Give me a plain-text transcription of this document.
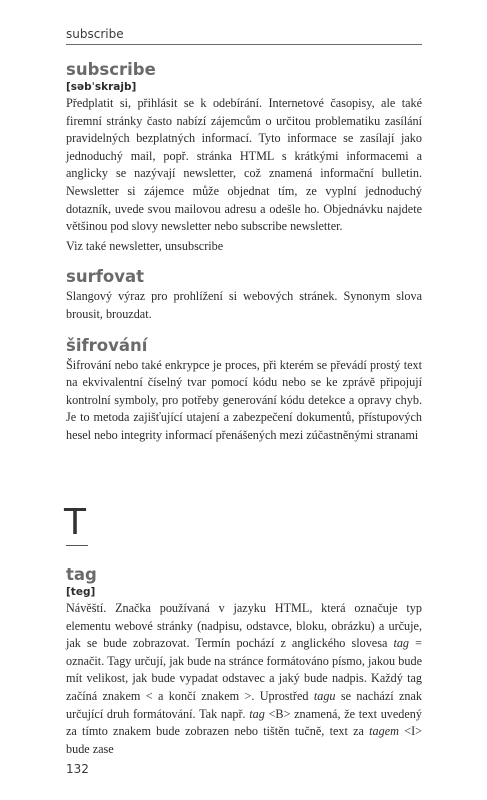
subscribe

subscribe

[səbˈskrajb]

Předplatit si, přihlásit se k odebírání. Internetové časopisy, ale také firemní stránky často nabízí zájemcům o určitou problematiku zasílání pravidelných bezplatných informací. Tyto informace se zasílají jako jednoduchý mail, popř. stránka HTML s krátkými informacemi a anglicky se nazývají newsletter, což znamená informační bulletin. Newsletter si zájemce může objednat tím, ze vyplní jednoduchý dotazník, uvede svou mailovou adresu a odešle ho. Objednávku najdete většinou pod slovy newsletter nebo subscribe newsletter.

Viz také newsletter, unsubscribe

surfovat

Slangový výraz pro prohlížení si webových stránek. Synonym slova brousit, brouzdat.

šifrování

Šifrování nebo také enkrypce je proces, při kterém se převádí prostý text na ekvivalentní číselný tvar pomocí kódu nebo se ke zprávě připojují kontrolní symboly, pro potřeby generování kódu detekce a opravy chyb. Je to metoda zajišťující utajení a zabezpečení dokumentů, přístupových hesel nebo integrity informací přenášených mezi zúčastněnými stranami

T

tag

[teg]

Návěští. Značka používaná v jazyku HTML, která označuje typ elementu webové stránky (nadpisu, odstavce, bloku, obrázku) a určuje, jak se bude zobrazovat. Termín pochází z anglického slovesa tag = označit. Tagy určují, jak bude na stránce formátováno písmo, jakou bude mít velikost, jak bude vypadat odstavec a jaký bude nadpis. Každý tag začíná znakem < a končí znakem >. Uprostřed tagu se nachází znak určující druh formátování. Tak např. tag <B> znamená, že text uvedený za tímto znakem bude zobrazen nebo tištěn tučně, text za tagem <I> bude zase

132
